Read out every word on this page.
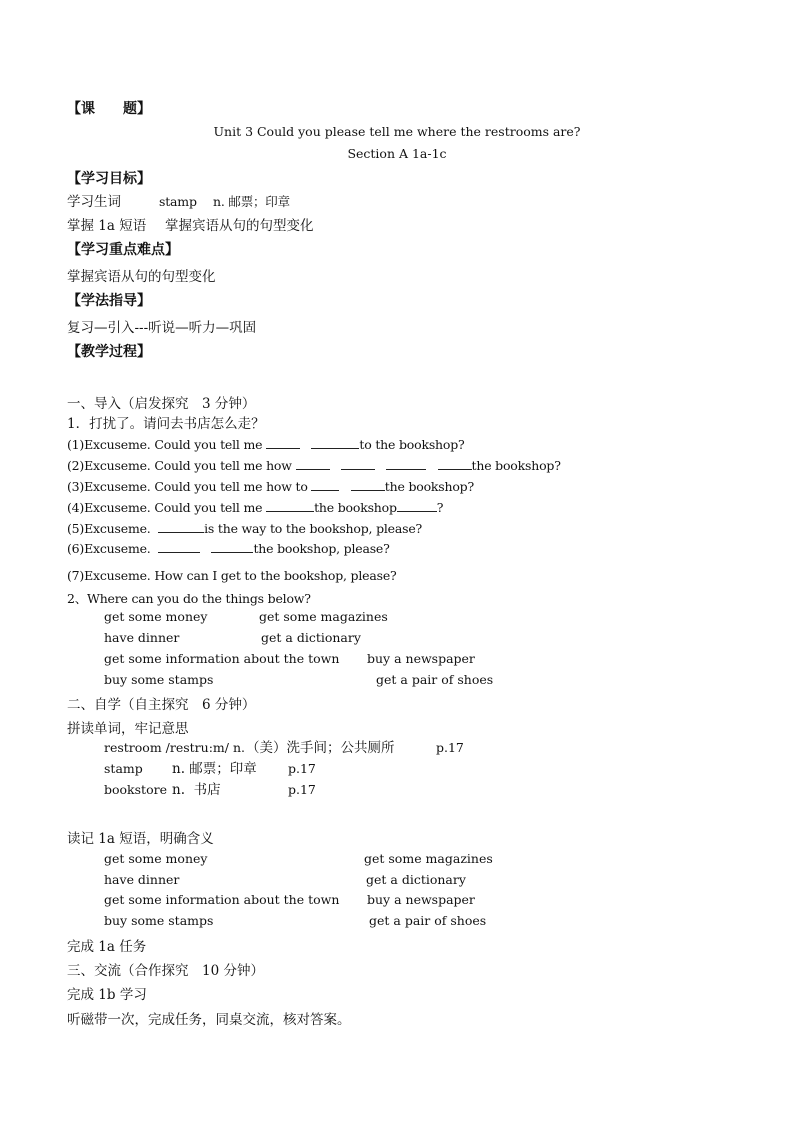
【课　　题】
Unit 3 Could you please tell me where the restrooms are?
Section A 1a-1c
【学习目标】
学习生词	stamp n. 邮票；印章
掌握 1a 短语 掌握宾语从句的句型变化
【学习重点难点】
掌握宾语从句的句型变化
【学法指导】
复习—引入---听说—听力—巩固
【教学过程】
一、导入（启发探究　3 分钟）
1．打扰了。请问去书店怎么走？
(1)Excuseme. Could you tell me	to the bookshop?
(2)Excuseme. Could you tell me how	the bookshop?
(3)Excuseme. Could you tell me how to	the bookshop?
(4)Excuseme. Could you tell me	the bookshop	?
(5)Excuseme.	is the way to the bookshop, please?
(6)Excuseme.	the bookshop, please?
(7)Excuseme. How can I get to the bookshop, please?
2、Where can you do the things below?
get some money	get some magazines
have dinner	get a dictionary
get some information about the town buy a newspaper
buy some stamps	get a pair of shoes
二、自学（自主探究　6 分钟）
拼读单词，牢记意思
restroom /restru:m/ n. （美）洗手间；公共厕所	p.17
stamp n. 邮票；印章 p.17
bookstore n.  书店	p.17
读记 1a 短语，明确含义
get some money	get some magazines
have dinner	get a dictionary
get some information about the town buy a newspaper
buy some stamps	get a pair of shoes
完成 1a 任务
三、交流（合作探究　10 分钟）
完成 1b 学习
听磁带一次，完成任务，同桌交流，核对答案。
